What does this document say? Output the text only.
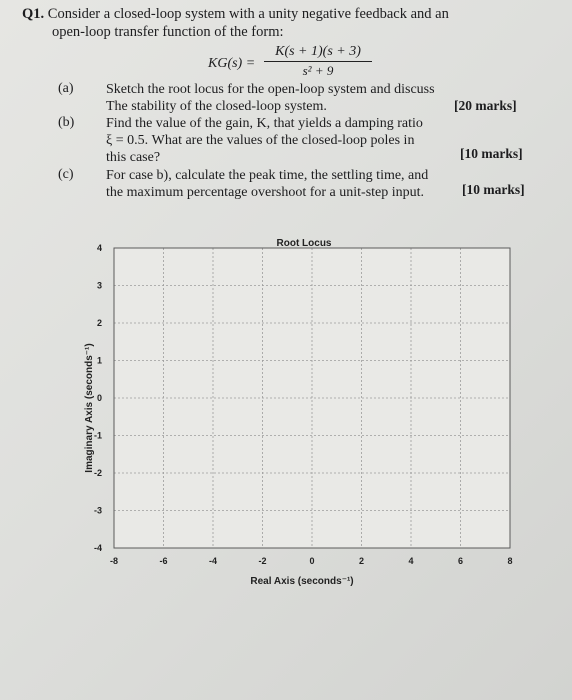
Q1. Consider a closed-loop system with a unity negative feedback and an
open-loop transfer function of the form:
KG(s) =
K(s + 1)(s + 3)
s² + 9
(a) Sketch the root locus for the open-loop system and discuss
The stability of the closed-loop system.	[20 marks]
(b) Find the value of the gain, K, that yields a damping ratio
ξ = 0.5. What are the values of the closed-loop poles in
this case?	[10 marks]
(c) For case b), calculate the peak time, the settling time, and
the maximum percentage overshoot for a unit-step input.	[10 marks]
-8	-6	-4	-2	0	2	4	6	8
-4
-3
-2
-1
0
1
2
3
4	Root Locus
Real Axis (seconds⁻¹)
Imaginary Axis (seconds⁻¹)
